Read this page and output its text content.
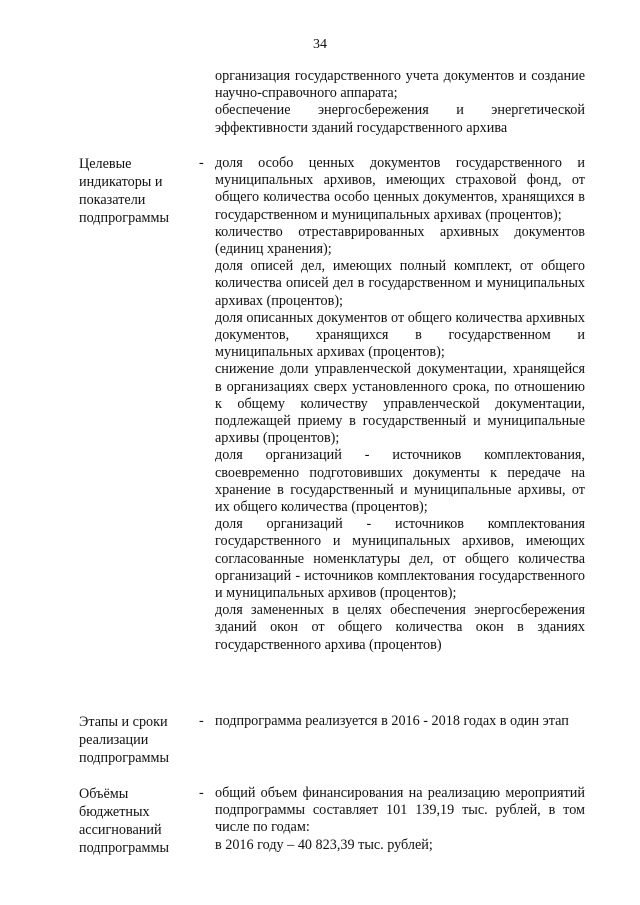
34

организация государственного учета документов и создание научно-справочного аппарата;

обеспечение энергосбережения и энергетической эффективности зданий государственного архива

Целевые индикаторы и показатели подпрограммы
- доля особо ценных документов государственного и муниципальных архивов, имеющих страховой фонд, от общего количества особо ценных документов, хранящихся в государственном и муниципальных архивах (процентов);

количество отреставрированных архивных документов (единиц хранения);

доля описей дел, имеющих полный комплект, от общего количества описей дел в государственном и муниципальных архивах (процентов);

доля описанных документов от общего количества архивных документов, хранящихся в государственном и муниципальных архивах (процентов);

снижение доли управленческой документации, хранящейся в организациях сверх установленного срока, по отношению к общему количеству управленческой документации, подлежащей приему в государственный и муниципальные архивы (процентов);

доля организаций - источников комплектования, своевременно подготовивших документы к передаче на хранение в государственный и муниципальные архивы, от их общего количества (процентов);

доля организаций - источников комплектования государственного и муниципальных архивов, имеющих согласованные номенклатуры дел, от общего количества организаций - источников комплектования государственного и муниципальных архивов (процентов);

доля замененных в целях обеспечения энергосбережения зданий окон от общего количества окон в зданиях государственного архива (процентов)

Этапы и сроки реализации подпрограммы
- подпрограмма реализуется в 2016 - 2018 годах в один этап

Объёмы бюджетных ассигнований подпрограммы
- общий объем финансирования на реализацию мероприятий подпрограммы составляет 101 139,19 тыс. рублей, в том числе по годам:

в 2016 году – 40 823,39 тыс. рублей;
